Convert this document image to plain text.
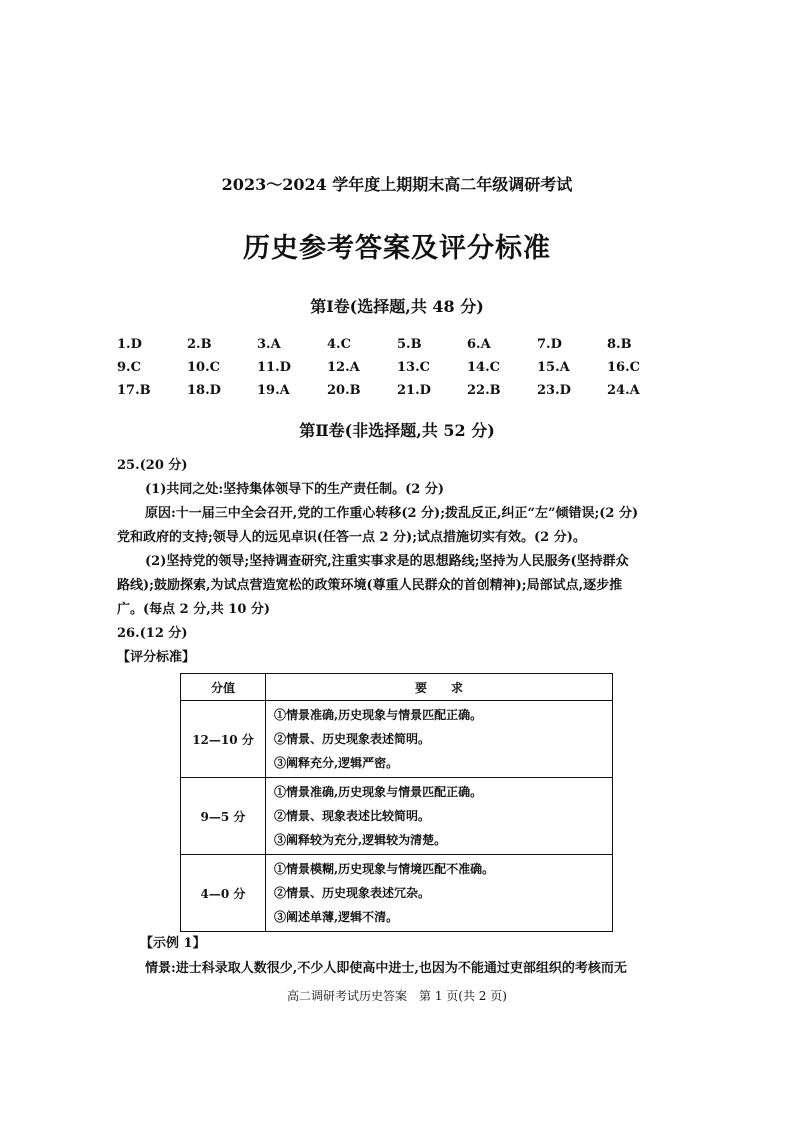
2023～2024 学年度上期期末高二年级调研考试
历史参考答案及评分标准
第Ⅰ卷(选择题,共 48 分)
1.D	2.B	3.A	4.C	5.B	6.A	7.D	8.B
9.C	10.C	11.D	12.A	13.C	14.C	15.A	16.C
17.B	18.D	19.A	20.B	21.D	22.B	23.D	24.A
第Ⅱ卷(非选择题,共 52 分)
25.(20 分)
(1)共同之处:坚持集体领导下的生产责任制。(2 分)
原因:十一届三中全会召开,党的工作重心转移(2 分);拨乱反正,纠正“左”倾错误;(2 分)
党和政府的支持;领导人的远见卓识(任答一点 2 分);试点措施切实有效。(2 分)。
(2)坚持党的领导;坚持调查研究,注重实事求是的思想路线;坚持为人民服务(坚持群众
路线);鼓励探索,为试点营造宽松的政策环境(尊重人民群众的首创精神);局部试点,逐步推
广。(每点 2 分,共 10 分)
26.(12 分)
【评分标准】
分值	要　　求
12—10 分	①情景准确,历史现象与情景匹配正确。
②情景、历史现象表述简明。
③阐释充分,逻辑严密。

9—5 分	①情景准确,历史现象与情景匹配正确。
②情景、现象表述比较简明。
③阐释较为充分,逻辑较为清楚。

4—0 分	①情景模糊,历史现象与情境匹配不准确。
②情景、历史现象表述冗杂。
③阐述单薄,逻辑不清。
【示例 1】
情景:进士科录取人数很少,不少人即使高中进士,也因为不能通过吏部组织的考核而无
高二调研考试历史答案　第 1 页(共 2 页)
